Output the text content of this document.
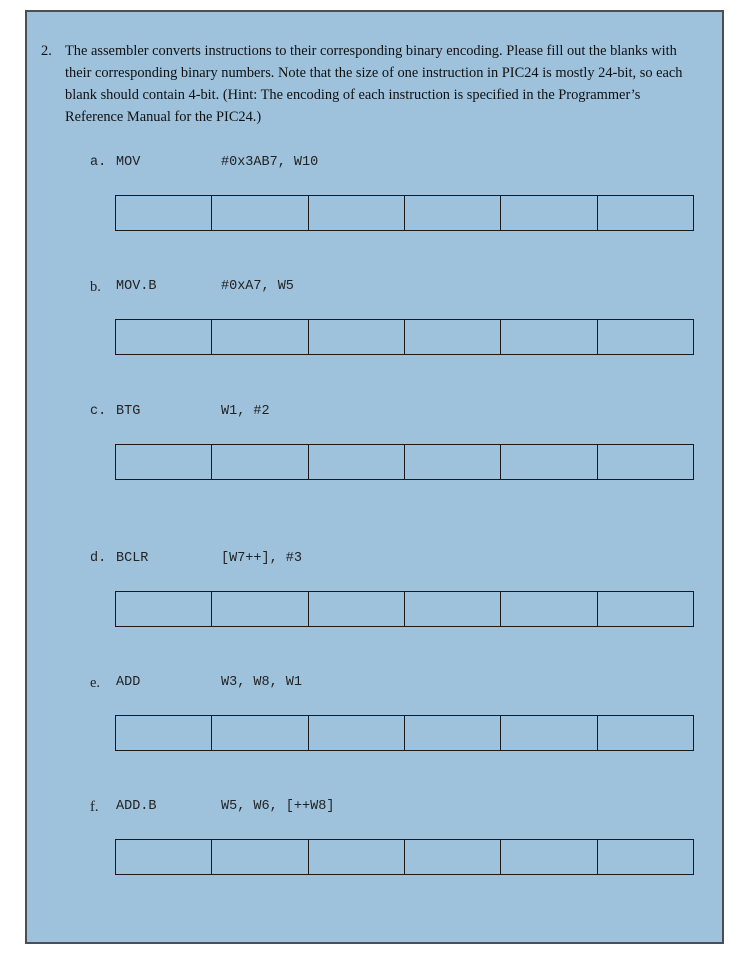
2. The assembler converts instructions to their corresponding binary encoding. Please fill out the blanks with their corresponding binary numbers. Note that the size of one instruction in PIC24 is mostly 24-bit, so each blank should contain 4-bit. (Hint: The encoding of each instruction is specified in the Programmer’s Reference Manual for the PIC24.)
a. MOV	#0x3AB7, W10
b. MOV.B	#0xA7, W5
c. BTG	W1, #2
d. BCLR	[W7++], #3
e. ADD	W3, W8, W1
f. ADD.B	W5, W6, [++W8]
